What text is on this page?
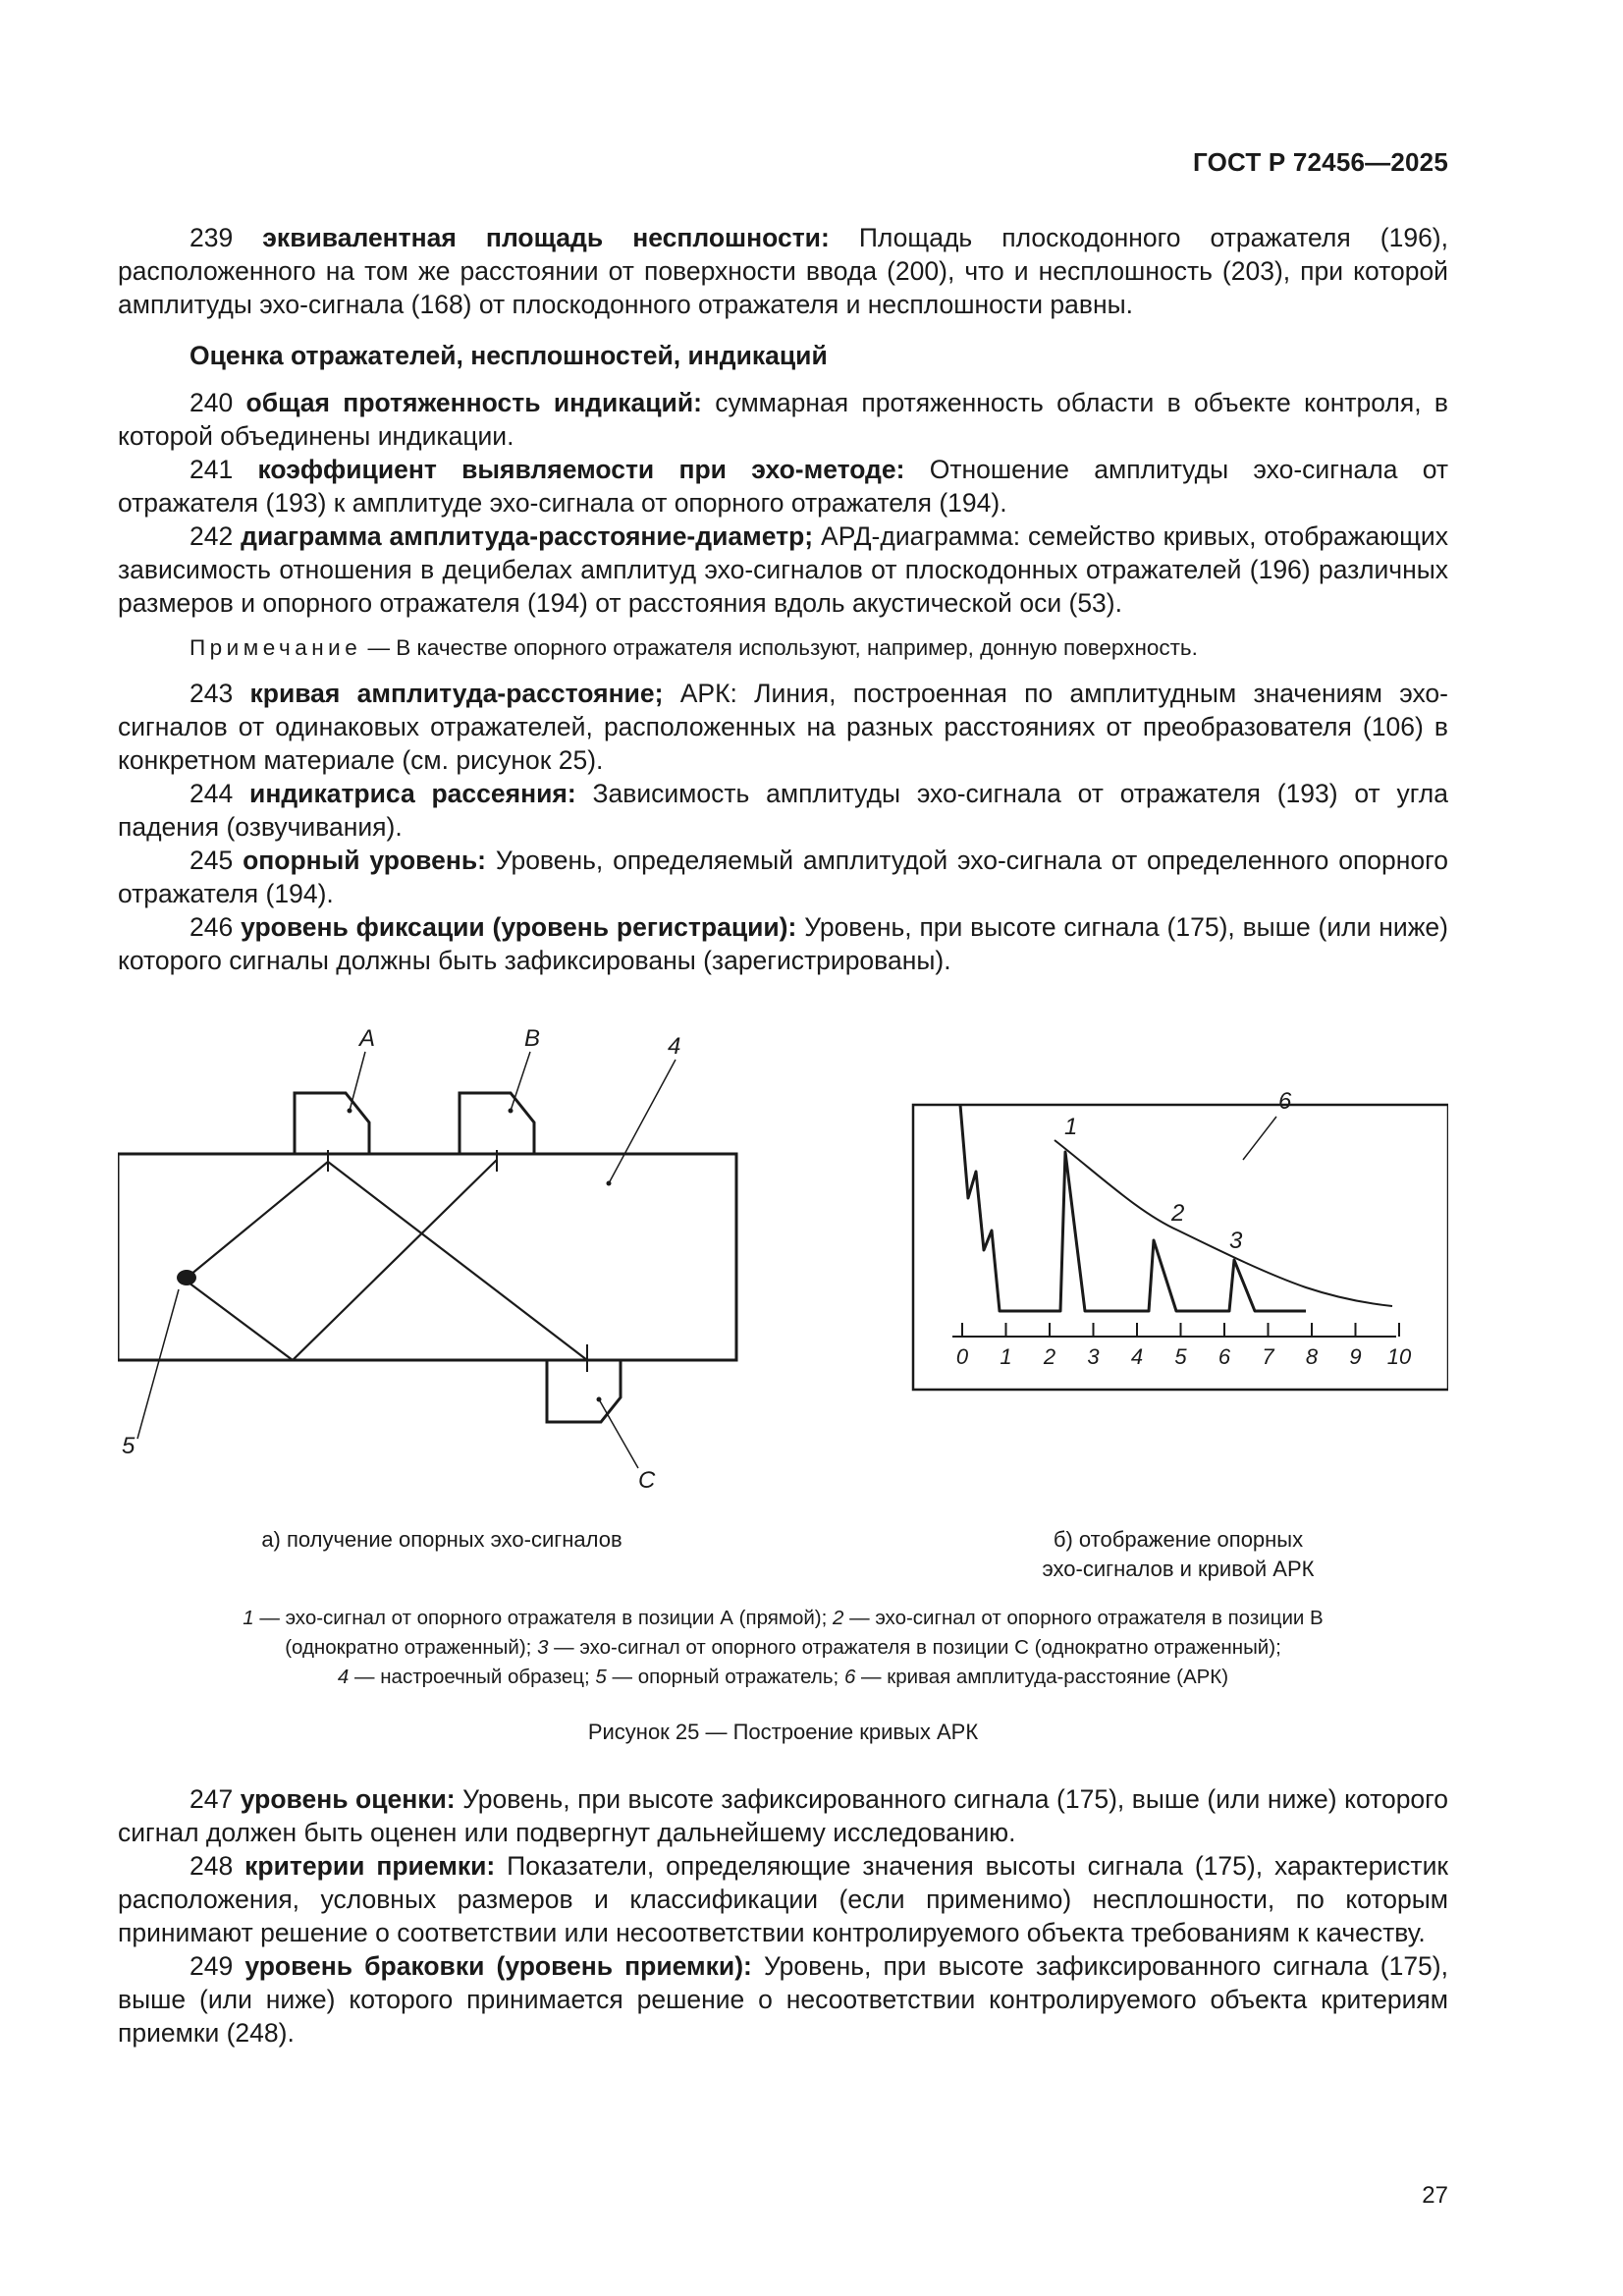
ГОСТ Р 72456—2025

239 эквивалентная площадь несплошности: Площадь плоскодонного отражателя (196), расположенного на том же расстоянии от поверхности ввода (200), что и несплошность (203), при которой амплитуды эхо-сигнала (168) от плоскодонного отражателя и несплошности равны.

Оценка отражателей, несплошностей, индикаций

240 общая протяженность индикаций: суммарная протяженность области в объекте контроля, в которой объединены индикации.

241 коэффициент выявляемости при эхо-методе: Отношение амплитуды эхо-сигнала от отражателя (193) к амплитуде эхо-сигнала от опорного отражателя (194).

242 диаграмма амплитуда-расстояние-диаметр; АРД-диаграмма: семейство кривых, отображающих зависимость отношения в децибелах амплитуд эхо-сигналов от плоскодонных отражателей (196) различных размеров и опорного отражателя (194) от расстояния вдоль акустической оси (53).

Примечание — В качестве опорного отражателя используют, например, донную поверхность.

243 кривая амплитуда-расстояние; АРК: Линия, построенная по амплитудным значениям эхо-сигналов от одинаковых отражателей, расположенных на разных расстояниях от преобразователя (106) в конкретном материале (см. рисунок 25).

244 индикатриса рассеяния: Зависимость амплитуды эхо-сигнала от отражателя (193) от угла падения (озвучивания).

245 опорный уровень: Уровень, определяемый амплитудой эхо-сигнала от определенного опорного отражателя (194).

246 уровень фиксации (уровень регистрации): Уровень, при высоте сигнала (175), выше (или ниже) которого сигналы должны быть зафиксированы (зарегистрированы).

A	B	4
5
C
0 1 2 3 4 5 6 7 8 9 10
1
2
3
6
а) получение опорных эхо-сигналов	б) отображение опорных
эхо-сигналов и кривой АРК
1 — эхо-сигнал от опорного отражателя в позиции А (прямой); 2 — эхо-сигнал от опорного отражателя в позиции В
(однократно отраженный); 3 — эхо-сигнал от опорного отражателя в позиции С (однократно отраженный);
4 — настроечный образец; 5 — опорный отражатель; 6 — кривая амплитуда-расстояние (АРК)
Рисунок 25 — Построение кривых АРК

247 уровень оценки: Уровень, при высоте зафиксированного сигнала (175), выше (или ниже) которого сигнал должен быть оценен или подвергнут дальнейшему исследованию.

248 критерии приемки: Показатели, определяющие значения высоты сигнала (175), характеристик расположения, условных размеров и классификации (если применимо) несплошности, по которым принимают решение о соответствии или несоответствии контролируемого объекта требованиям к качеству.

249 уровень браковки (уровень приемки): Уровень, при высоте зафиксированного сигнала (175), выше (или ниже) которого принимается решение о несоответствии контролируемого объекта критериям приемки (248).

27
